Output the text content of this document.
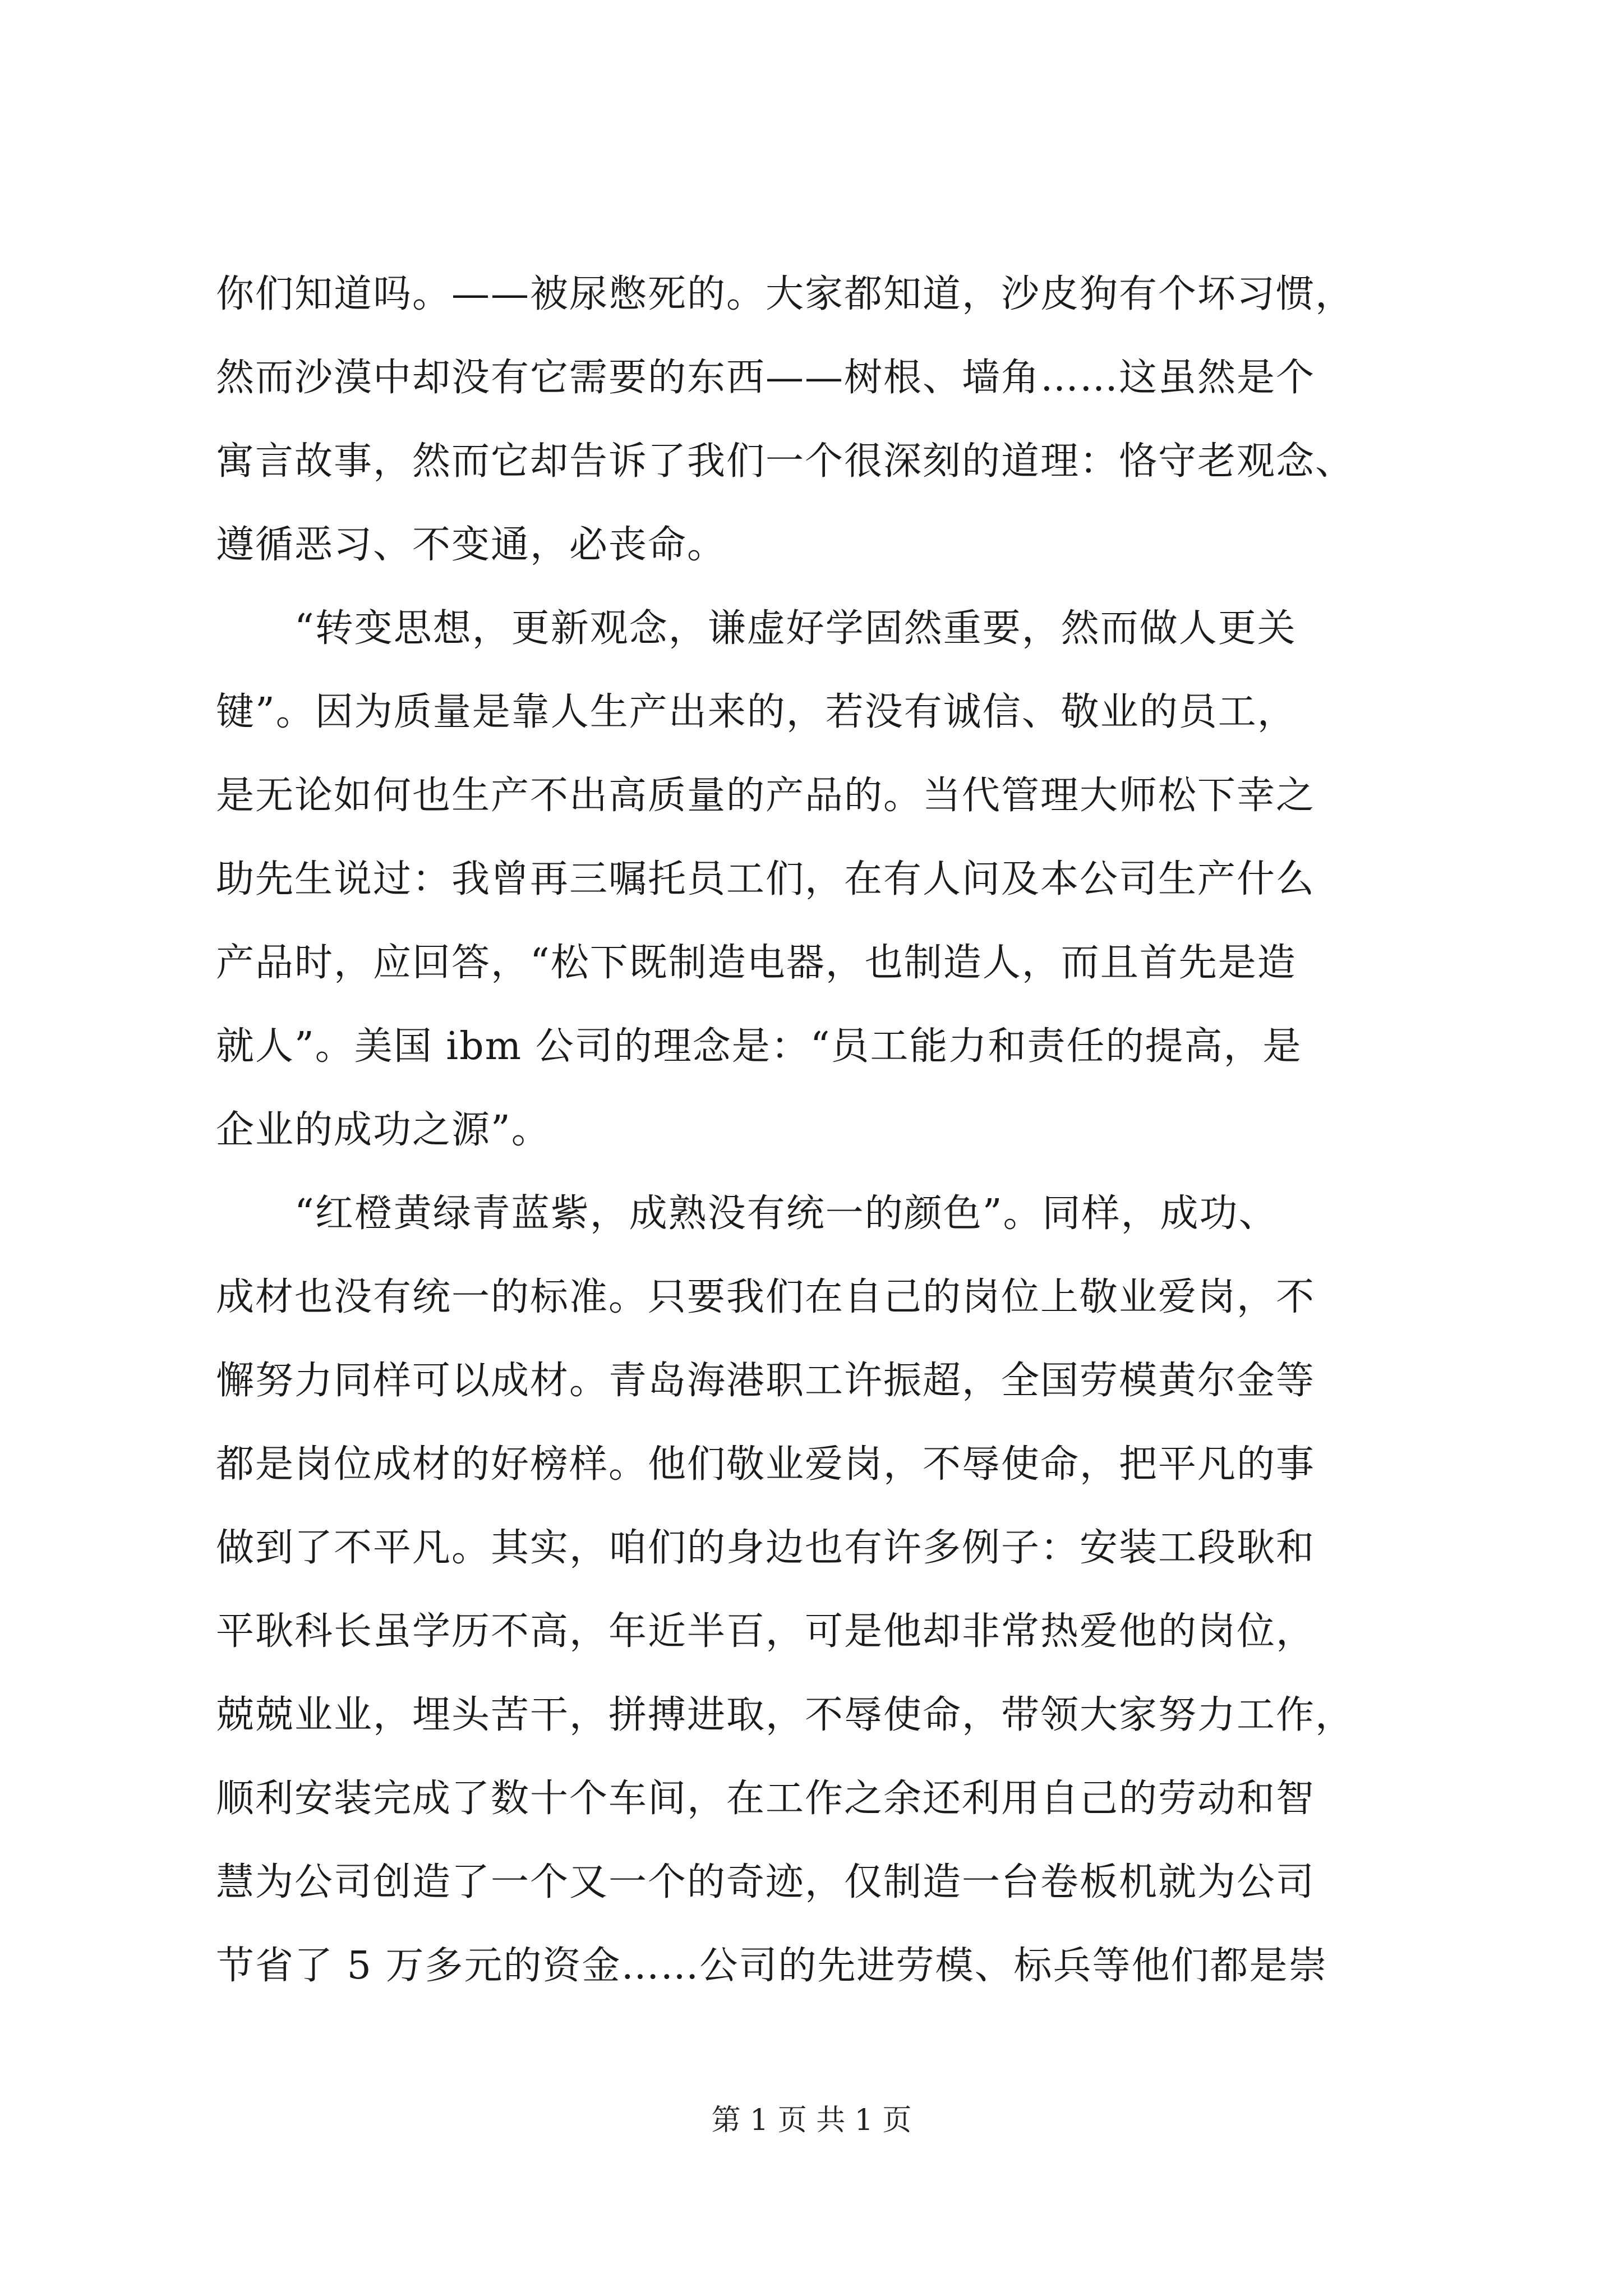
你们知道吗。——被尿憋死的。大家都知道，沙皮狗有个坏习惯，
然而沙漠中却没有它需要的东西——树根、墙角……这虽然是个
寓言故事，然而它却告诉了我们一个很深刻的道理：恪守老观念、
遵循恶习、不变通，必丧命。
　　“转变思想，更新观念，谦虚好学固然重要，然而做人更关
键”。因为质量是靠人生产出来的，若没有诚信、敬业的员工，
是无论如何也生产不出高质量的产品的。当代管理大师松下幸之
助先生说过：我曾再三嘱托员工们，在有人问及本公司生产什么
产品时，应回答，“松下既制造电器，也制造人，而且首先是造
就人”。美国 ibm 公司的理念是：“员工能力和责任的提高，是
企业的成功之源”。
　　“红橙黄绿青蓝紫，成熟没有统一的颜色”。同样，成功、
成材也没有统一的标准。只要我们在自己的岗位上敬业爱岗，不
懈努力同样可以成材。青岛海港职工许振超，全国劳模黄尔金等
都是岗位成材的好榜样。他们敬业爱岗，不辱使命，把平凡的事
做到了不平凡。其实，咱们的身边也有许多例子：安装工段耿和
平耿科长虽学历不高，年近半百，可是他却非常热爱他的岗位，
兢兢业业，埋头苦干，拼搏进取，不辱使命，带领大家努力工作，
顺利安装完成了数十个车间，在工作之余还利用自己的劳动和智
慧为公司创造了一个又一个的奇迹，仅制造一台卷板机就为公司
节省了 5 万多元的资金……公司的先进劳模、标兵等他们都是崇
第 1 页 共 1 页
